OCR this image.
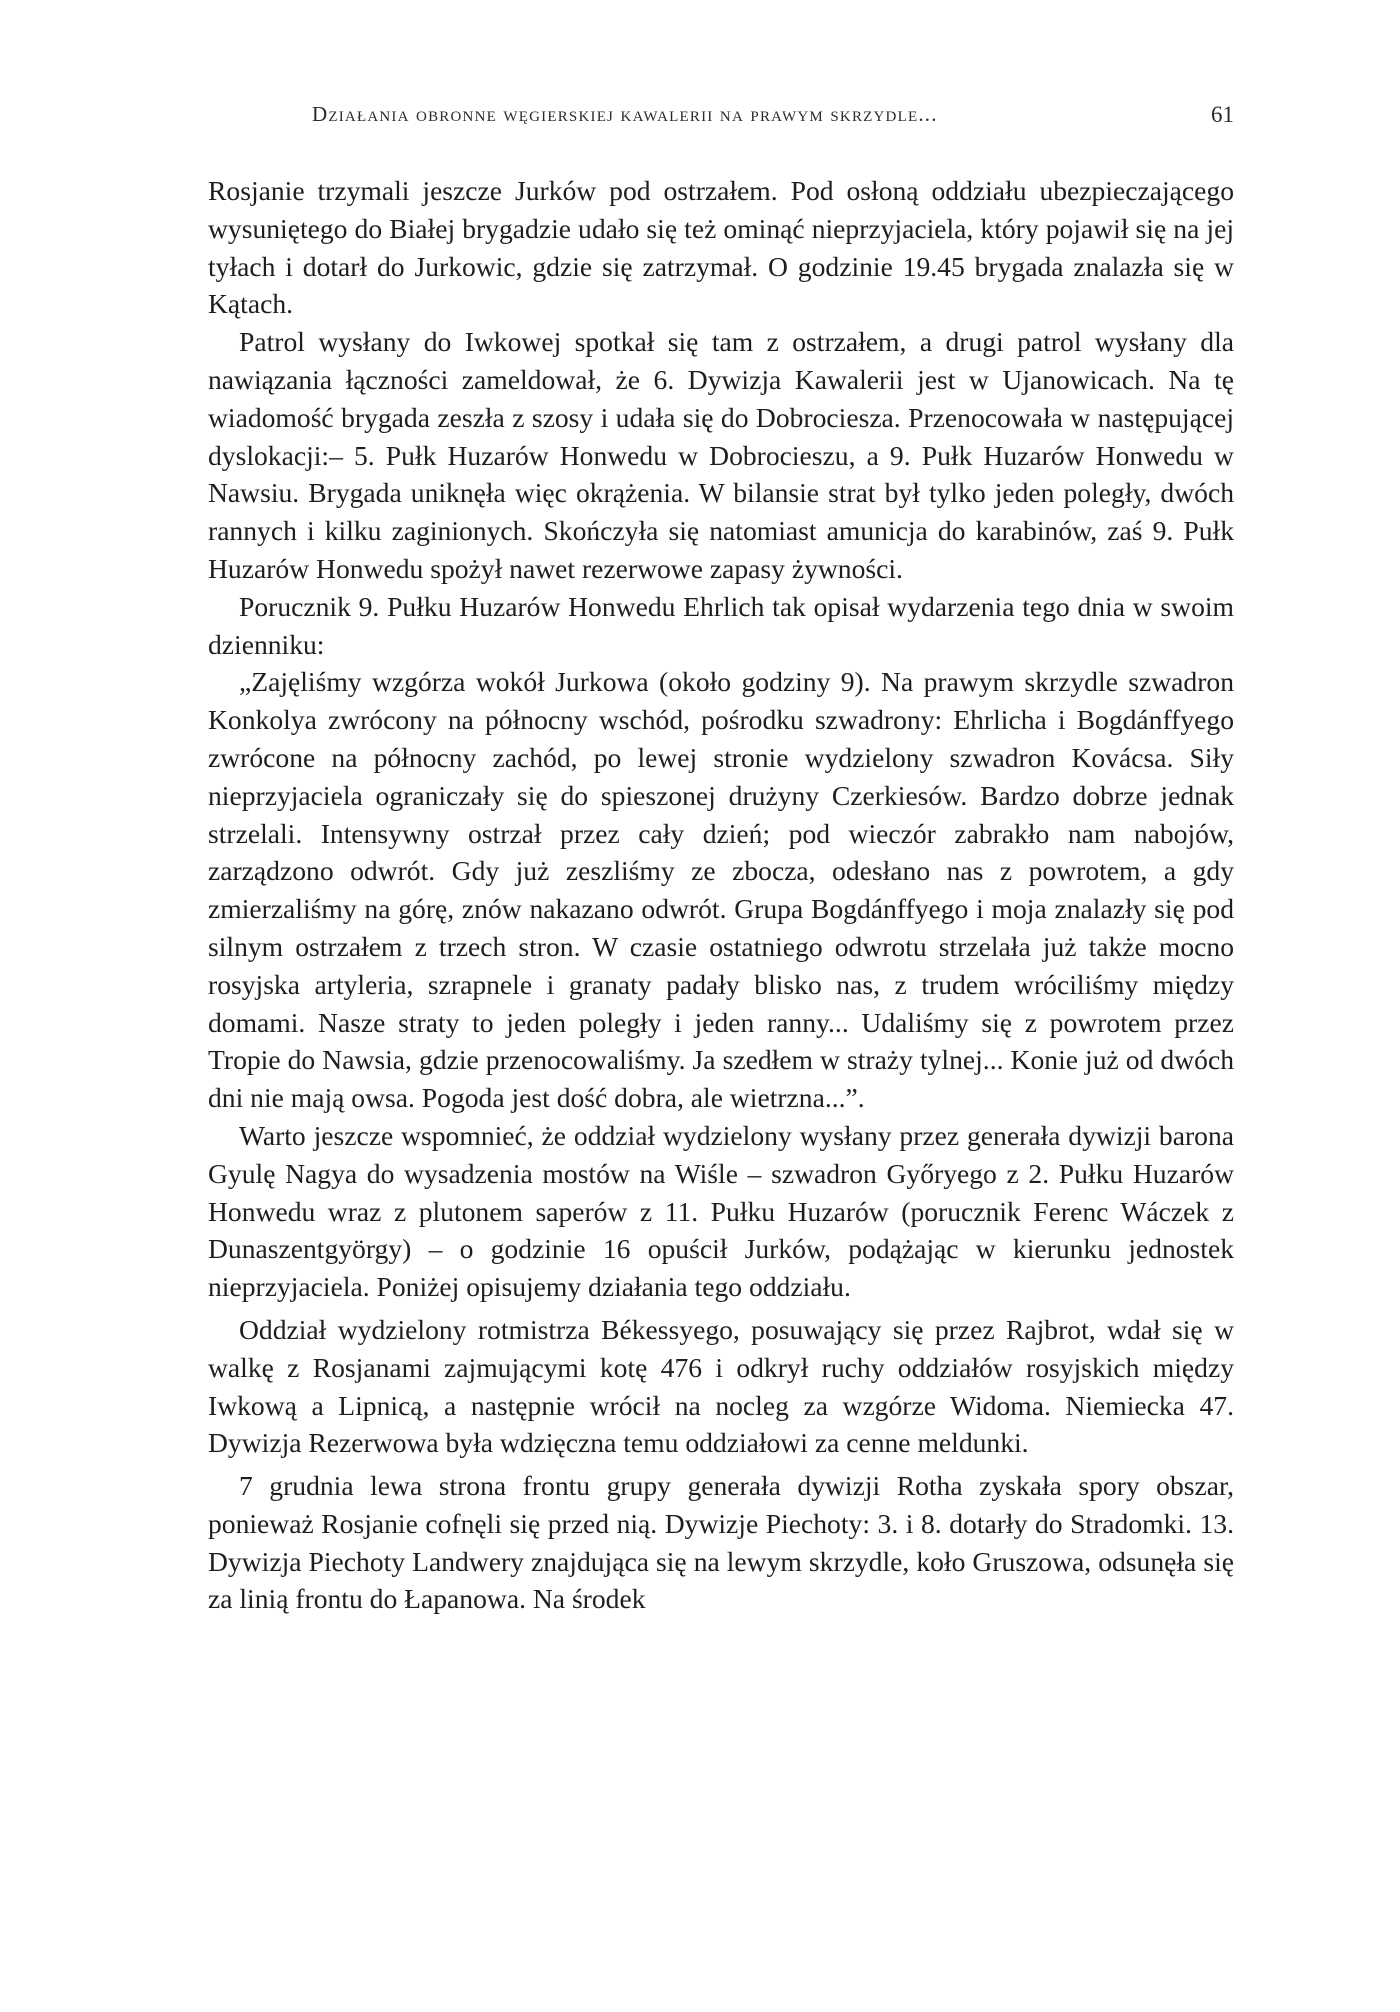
Działania obronne węgierskiej kawalerii na prawym skrzydle...	61

Rosjanie trzymali jeszcze Jurków pod ostrzałem. Pod osłoną oddziału ubezpieczającego wysuniętego do Białej brygadzie udało się też ominąć nieprzyjaciela, który pojawił się na jej tyłach i dotarł do Jurkowic, gdzie się zatrzymał. O godzinie 19.45 brygada znalazła się w Kątach.

Patrol wysłany do Iwkowej spotkał się tam z ostrzałem, a drugi patrol wysłany dla nawiązania łączności zameldował, że 6. Dywizja Kawalerii jest w Ujanowicach. Na tę wiadomość brygada zeszła z szosy i udała się do Dobrociesza. Przenocowała w następującej dyslokacji:– 5. Pułk Huzarów Honwedu w Dobrocieszu, a 9. Pułk Huzarów Honwedu w Nawsiu. Brygada uniknęła więc okrążenia. W bilansie strat był tylko jeden poległy, dwóch rannych i kilku zaginionych. Skończyła się natomiast amunicja do karabinów, zaś 9. Pułk Huzarów Honwedu spożył nawet rezerwowe zapasy żywności.

Porucznik 9. Pułku Huzarów Honwedu Ehrlich tak opisał wydarzenia tego dnia w swoim dzienniku:

„Zajęliśmy wzgórza wokół Jurkowa (około godziny 9). Na prawym skrzydle szwadron Konkolya zwrócony na północny wschód, pośrodku szwadrony: Ehrlicha i Bogdánffyego zwrócone na północny zachód, po lewej stronie wydzielony szwadron Kovácsa. Siły nieprzyjaciela ograniczały się do spieszonej drużyny Czerkiesów. Bardzo dobrze jednak strzelali. Intensywny ostrzał przez cały dzień; pod wieczór zabrakło nam nabojów, zarządzono odwrót. Gdy już zeszliśmy ze zbocza, odesłano nas z powrotem, a gdy zmierzaliśmy na górę, znów nakazano odwrót. Grupa Bogdánffyego i moja znalazły się pod silnym ostrzałem z trzech stron. W czasie ostatniego odwrotu strzelała już także mocno rosyjska artyleria, szrapnele i granaty padały blisko nas, z trudem wróciliśmy między domami. Nasze straty to jeden poległy i jeden ranny... Udaliśmy się z powrotem przez Tropie do Nawsia, gdzie przenocowaliśmy. Ja szedłem w straży tylnej... Konie już od dwóch dni nie mają owsa. Pogoda jest dość dobra, ale wietrzna...”.

Warto jeszcze wspomnieć, że oddział wydzielony wysłany przez generała dywizji barona Gyulę Nagya do wysadzenia mostów na Wiśle – szwadron Győryego z 2. Pułku Huzarów Honwedu wraz z plutonem saperów z 11. Pułku Huzarów (porucznik Ferenc Wáczek z Dunaszentgyörgy) – o godzinie 16 opuścił Jurków, podążając w kierunku jednostek nieprzyjaciela. Poniżej opisujemy działania tego oddziału.

Oddział wydzielony rotmistrza Békessyego, posuwający się przez Rajbrot, wdał się w walkę z Rosjanami zajmującymi kotę 476 i odkrył ruchy oddziałów rosyjskich między Iwkową a Lipnicą, a następnie wrócił na nocleg za wzgórze Widoma. Niemiecka 47. Dywizja Rezerwowa była wdzięczna temu oddziałowi za cenne meldunki.

7 grudnia lewa strona frontu grupy generała dywizji Rotha zyskała spory obszar, ponieważ Rosjanie cofnęli się przed nią. Dywizje Piechoty: 3. i 8. dotarły do Stradomki. 13. Dywizja Piechoty Landwery znajdująca się na lewym skrzydle, koło Gruszowa, odsunęła się za linią frontu do Łapanowa. Na środek
